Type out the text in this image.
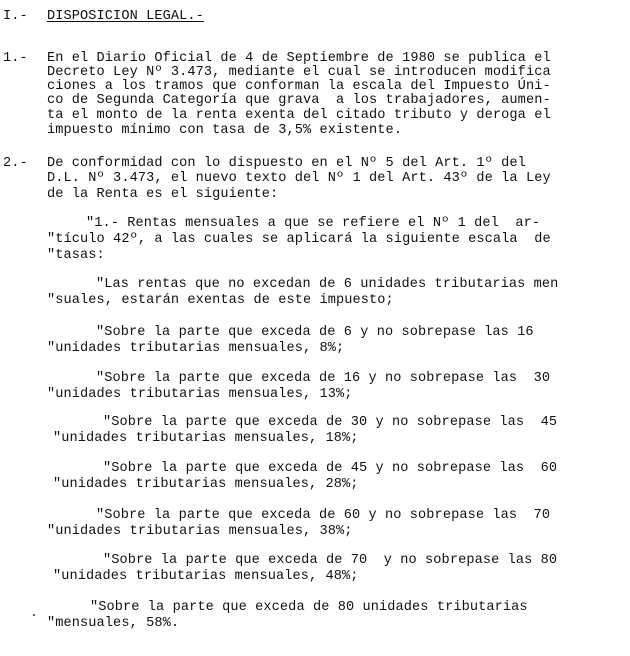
I.- DISPOSICION LEGAL.-

1.- En el Diario Oficial de 4 de Septiembre de 1980 se publica el

Decreto Ley Nº 3.473, mediante el cual se introducen modifica

ciones a los tramos que conforman la escala del Impuesto Úni-

co de Segunda Categoría que grava  a los trabajadores, aumen-

ta el monto de la renta exenta del citado tributo y deroga el

impuesto mínimo con tasa de 3,5% existente.

2.- De conformidad con lo dispuesto en el Nº 5 del Art. 1º del

D.L. Nº 3.473, el nuevo texto del Nº 1 del Art. 43º de la Ley

de la Renta es el siguiente:

"1.- Rentas mensuales a que se refiere el Nº 1 del  ar-

"tículo 42º, a las cuales se aplicará la siguiente escala  de

"tasas:

"Las rentas que no excedan de 6 unidades tributarias men

"suales, estarán exentas de este impuesto;

"Sobre la parte que exceda de 6 y no sobrepase las 16

"unidades tributarias mensuales, 8%;

"Sobre la parte que exceda de 16 y no sobrepase las  30

"unidades tributarias mensuales, 13%;

"Sobre la parte que exceda de 30 y no sobrepase las  45

"unidades tributarias mensuales, 18%;

"Sobre la parte que exceda de 45 y no sobrepase las  60

"unidades tributarias mensuales, 28%;

"Sobre la parte que exceda de 60 y no sobrepase las  70

"unidades tributarias mensuales, 38%;

"Sobre la parte que exceda de 70  y no sobrepase las 80

"unidades tributarias mensuales, 48%;

"Sobre la parte que exceda de 80 unidades tributarias

"mensuales, 58%.
